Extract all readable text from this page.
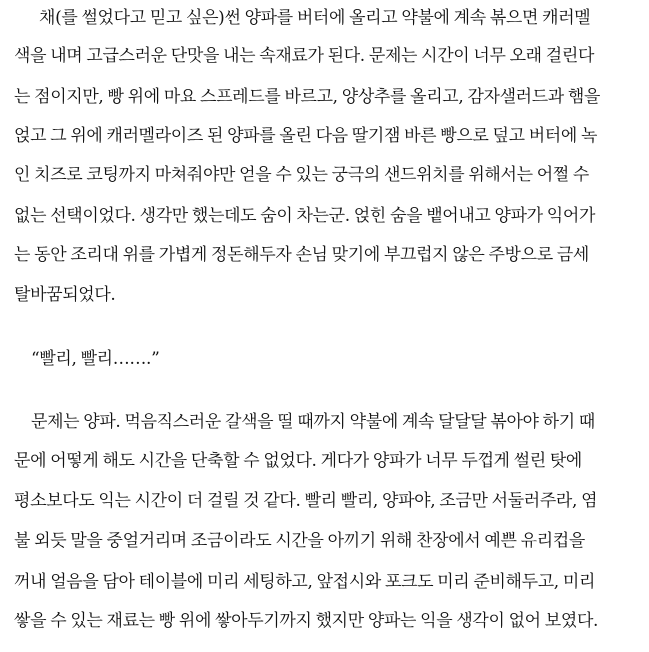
채(를 썰었다고 믿고 싶은)썬 양파를 버터에 올리고 약불에 계속 볶으면 캐러멜
색을 내며 고급스러운 단맛을 내는 속재료가 된다. 문제는 시간이 너무 오래 걸린다
는 점이지만, 빵 위에 마요 스프레드를 바르고, 양상추를 올리고, 감자샐러드과 햄을
얹고 그 위에 캐러멜라이즈 된 양파를 올린 다음 딸기잼 바른 빵으로 덮고 버터에 녹
인 치즈로 코팅까지 마쳐줘야만 얻을 수 있는 궁극의 샌드위치를 위해서는 어쩔 수
없는 선택이었다. 생각만 했는데도 숨이 차는군. 얹힌 숨을 뱉어내고 양파가 익어가
는 동안 조리대 위를 가볍게 정돈해두자 손님 맞기에 부끄럽지 않은 주방으로 금세
탈바꿈되었다.
“빨리, 빨리…….”
문제는 양파. 먹음직스러운 갈색을 띨 때까지 약불에 계속 달달달 볶아야 하기 때
문에 어떻게 해도 시간을 단축할 수 없었다. 게다가 양파가 너무 두껍게 썰린 탓에
평소보다도 익는 시간이 더 걸릴 것 같다. 빨리 빨리, 양파야, 조금만 서둘러주라, 염
불 외듯 말을 중얼거리며 조금이라도 시간을 아끼기 위해 찬장에서 예쁜 유리컵을
꺼내 얼음을 담아 테이블에 미리 세팅하고, 앞접시와 포크도 미리 준비해두고, 미리
쌓을 수 있는 재료는 빵 위에 쌓아두기까지 했지만 양파는 익을 생각이 없어 보였다.
